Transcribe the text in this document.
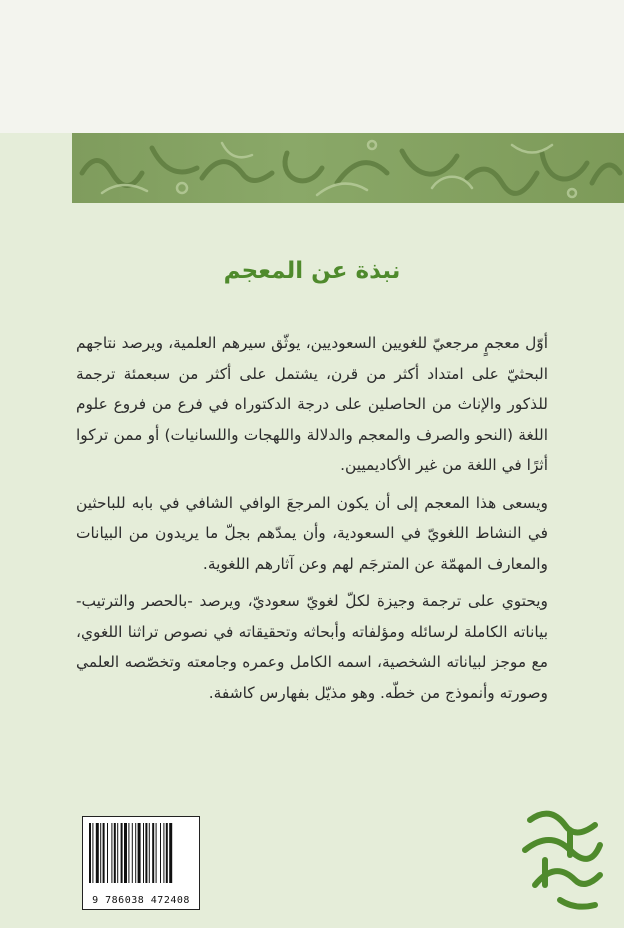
نبذة عن المعجم

أوّل معجمٍ مرجعيّ للغويين السعوديين، يوثّق سيرهم العلمية، ويرصد نتاجهم البحثيّ على امتداد أكثر من قرن، يشتمل على أكثر من سبعمئة ترجمة للذكور والإناث من الحاصلين على درجة الدكتوراه في فرع من فروع علوم اللغة (النحو والصرف والمعجم والدلالة واللهجات واللسانيات) أو ممن تركوا أثرًا في اللغة من غير الأكاديميين.

ويسعى هذا المعجم إلى أن يكون المرجعَ الوافي الشافي في بابه للباحثين في النشاط اللغويّ في السعودية، وأن يمدّهم بجلّ ما يريدون من البيانات والمعارف المهمّة عن المترجَم لهم وعن آثارهم اللغوية.

ويحتوي على ترجمة وجيزة لكلّ لغويّ سعوديّ، ويرصد -بالحصر والترتيب- بياناته الكاملة لرسائله ومؤلفاته وأبحاثه وتحقيقاته في نصوص تراثنا اللغوي، مع موجز لبياناته الشخصية، اسمه الكامل وعمره وجامعته وتخصّصه العلمي وصورته وأنموذج من خطّه. وهو مذيّل بفهارس كاشفة.

9 786038 472408
